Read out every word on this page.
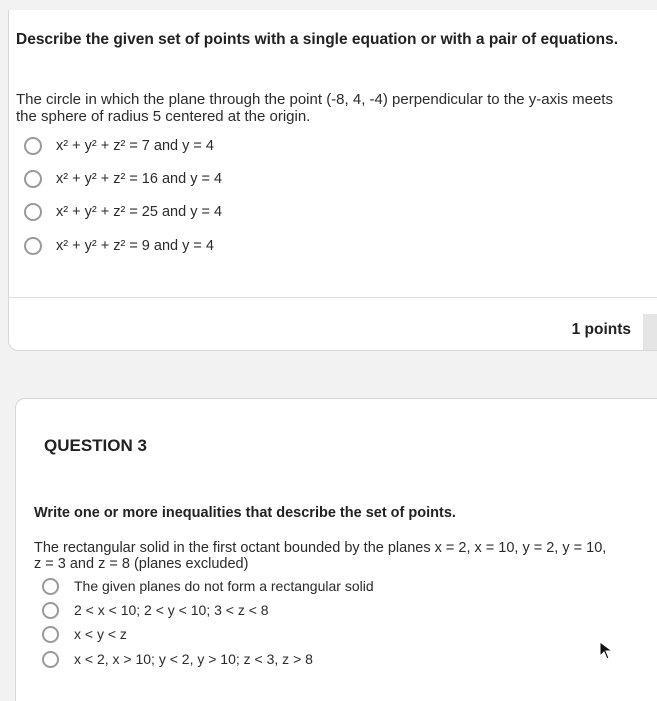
Describe the given set of points with a single equation or with a pair of equations.
The circle in which the plane through the point (-8, 4, -4) perpendicular to the y-axis meets the sphere of radius 5 centered at the origin.
x² + y² + z² = 7 and y = 4
x² + y² + z² = 16 and y = 4
x² + y² + z² = 25 and y = 4
x² + y² + z² = 9 and y = 4
1 points
QUESTION 3
Write one or more inequalities that describe the set of points.
The rectangular solid in the first octant bounded by the planes x = 2, x = 10, y = 2, y = 10, z = 3 and z = 8 (planes excluded)
The given planes do not form a rectangular solid
2 < x < 10; 2 < y < 10; 3 < z < 8
x < y < z
x < 2, x > 10; y < 2, y > 10; z < 3, z > 8
